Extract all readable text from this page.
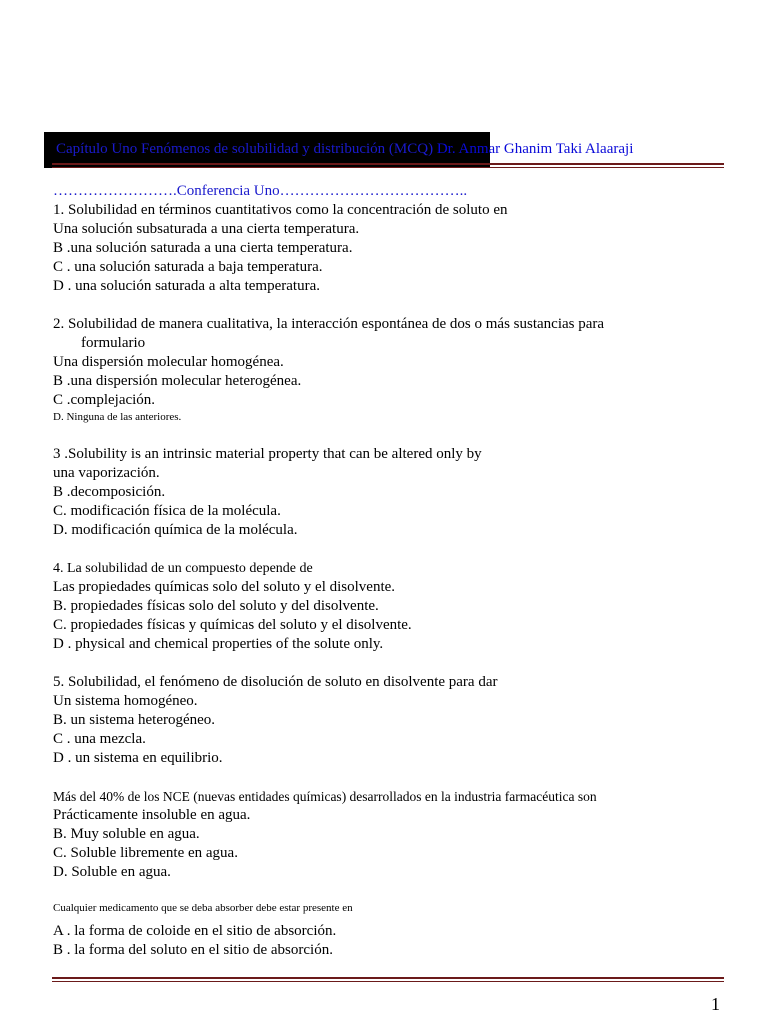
Capítulo Uno Fenómenos de solubilidad y distribución (MCQ) Dr. Anmar Ghanim Taki Alaaraji

…………………….Conferencia Uno………………………………..

1. Solubilidad en términos cuantitativos como la concentración de soluto en

Una solución subsaturada a una cierta temperatura.

B .una solución saturada a una cierta temperatura.

C . una solución saturada a baja temperatura.

D . una solución saturada a alta temperatura.

2. Solubilidad de manera cualitativa, la interacción espontánea de dos o más sustancias para

formulario

Una dispersión molecular homogénea.

B .una dispersión molecular heterogénea.

C .complejación.

D. Ninguna de las anteriores.

3 .Solubility is an intrinsic material property that can be altered only by

una vaporización.

B .decomposición.

C. modificación física de la molécula.

D. modificación química de la molécula.

4. La solubilidad de un compuesto depende de

Las propiedades químicas solo del soluto y el disolvente.

B. propiedades físicas solo del soluto y del disolvente.

C. propiedades físicas y químicas del soluto y el disolvente.

D . physical and chemical properties of the solute only.

5. Solubilidad, el fenómeno de disolución de soluto en disolvente para dar

Un sistema homogéneo.

B. un sistema heterogéneo.

C . una mezcla.

D . un sistema en equilibrio.

Más del 40% de los NCE (nuevas entidades químicas) desarrollados en la industria farmacéutica son

Prácticamente insoluble en agua.

B. Muy soluble en agua.

C. Soluble libremente en agua.

D. Soluble en agua.

Cualquier medicamento que se deba absorber debe estar presente en

A . la forma de coloide en el sitio de absorción.

B . la forma del soluto en el sitio de absorción.

1
